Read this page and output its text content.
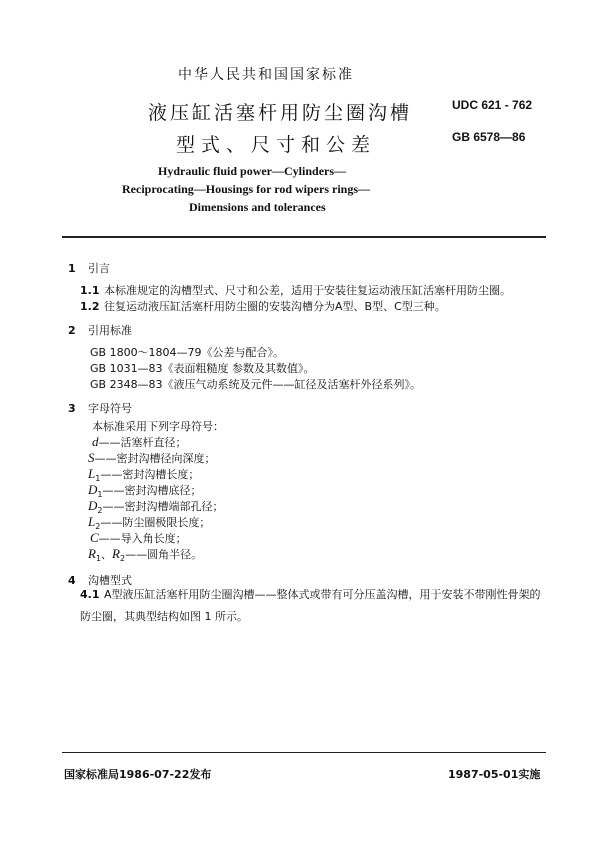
中华人民共和国国家标准
液压缸活塞杆用防尘圈沟槽
型式、尺寸和公差
UDC 621 - 762
GB 6578—86
Hydraulic fluid power—Cylinders—
Reciprocating—Housings for rod wipers rings—
Dimensions and tolerances
1 引言
1.1 本标准规定的沟槽型式、尺寸和公差，适用于安装往复运动液压缸活塞杆用防尘圈。
1.2 往复运动液压缸活塞杆用防尘圈的安装沟槽分为A型、B型、C型三种。
2 引用标准
GB 1800～1804—79《公差与配合》。
GB 1031—83《表面粗糙度 参数及其数值》。
GB 2348—83《液压气动系统及元件——缸径及活塞杆外径系列》。
3 字母符号
本标准采用下列字母符号：
d——活塞杆直径；
S——密封沟槽径向深度；
$L_1——$密封沟槽长度；
$D_1——$密封沟槽底径；
$D_2——$密封沟槽端部孔径；
$L_2——$防尘圈极限长度；
C——导入角长度；
$R_1$、$R_2——$圆角半径。
4 沟槽型式
4.1 A型液压缸活塞杆用防尘圈沟槽——整体式或带有可分压盖沟槽，用于安装不带刚性骨架的防尘圈，其典型结构如图 1 所示。
国家标准局1986-07-22发布	1987-05-01实施
